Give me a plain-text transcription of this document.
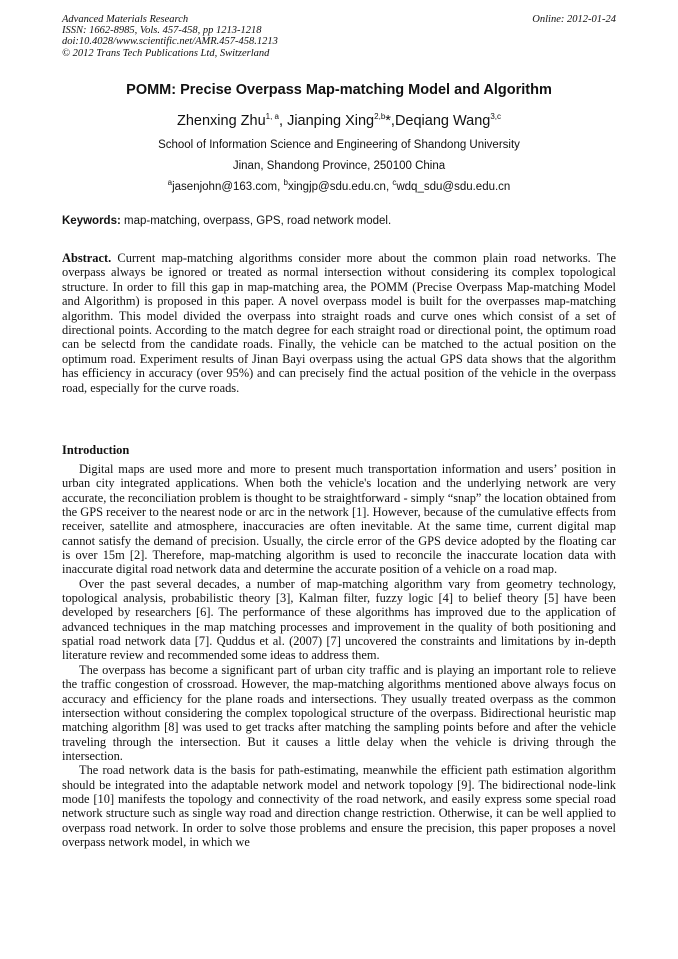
Advanced Materials Research
ISSN: 1662-8985, Vols. 457-458, pp 1213-1218
doi:10.4028/www.scientific.net/AMR.457-458.1213
© 2012 Trans Tech Publications Ltd, Switzerland
Online: 2012-01-24
POMM: Precise Overpass Map-matching Model and Algorithm
Zhenxing Zhu$^{1, a}$, Jianping Xing$^{2,b}$*,Deqiang Wang$^{3,c}$
School of Information Science and Engineering of Shandong University
Jinan, Shandong Province, 250100 China
$^a$jasenjohn@163.com, $^b$xingjp@sdu.edu.cn, $^c$wdq_sdu@sdu.edu.cn
Keywords: map-matching, overpass, GPS, road network model.
Abstract. Current map-matching algorithms consider more about the common plain road networks. The overpass always be ignored or treated as normal intersection without considering its complex topological structure. In order to fill this gap in map-matching area, the POMM (Precise Overpass Map-matching Model and Algorithm) is proposed in this paper. A novel overpass model is built for the overpasses map-matching algorithm. This model divided the overpass into straight roads and curve ones which consist of a set of directional points. According to the match degree for each straight road or directional point, the optimum road can be selectd from the candidate roads. Finally, the vehicle can be matched to the actual position on the optimum road. Experiment results of Jinan Bayi overpass using the actual GPS data shows that the algorithm has efficiency in accuracy (over 95%) and can precisely find the actual position of the vehicle in the overpass road, especially for the curve roads.
Introduction

Digital maps are used more and more to present much transportation information and users’ position in urban city integrated applications. When both the vehicle's location and the underlying network are very accurate, the reconciliation problem is thought to be straightforward - simply “snap” the location obtained from the GPS receiver to the nearest node or arc in the network [1]. However, because of the cumulative effects from receiver, satellite and atmosphere, inaccuracies are often inevitable. At the same time, current digital map cannot satisfy the demand of precision. Usually, the circle error of the GPS device adopted by the floating car is over 15m [2]. Therefore, map-matching algorithm is used to reconcile the inaccurate location data with inaccurate digital road network data and determine the accurate position of a vehicle on a road map.

Over the past several decades, a number of map-matching algorithm vary from geometry technology, topological analysis, probabilistic theory [3], Kalman filter, fuzzy logic [4] to belief theory [5] have been developed by researchers [6]. The performance of these algorithms has improved due to the application of advanced techniques in the map matching processes and improvement in the quality of both positioning and spatial road network data [7]. Quddus et al. (2007) [7] uncovered the constraints and limitations by in-depth literature review and recommended some ideas to address them.

The overpass has become a significant part of urban city traffic and is playing an important role to relieve the traffic congestion of crossroad. However, the map-matching algorithms mentioned above always focus on accuracy and efficiency for the plane roads and intersections. They usually treated overpass as the common intersection without considering the complex topological structure of the overpass. Bidirectional heuristic map matching algorithm [8] was used to get tracks after matching the sampling points before and after the vehicle traveling through the intersection. But it causes a little delay when the vehicle is driving through the intersection.

The road network data is the basis for path-estimating, meanwhile the efficient path estimation algorithm should be integrated into the adaptable network model and network topology [9]. The bidirectional node-link mode [10] manifests the topology and connectivity of the road network, and easily express some special road network structure such as single way road and direction change restriction. Otherwise, it can be well applied to overpass road network. In order to solve those problems and ensure the precision, this paper proposes a novel overpass network model, in which we
